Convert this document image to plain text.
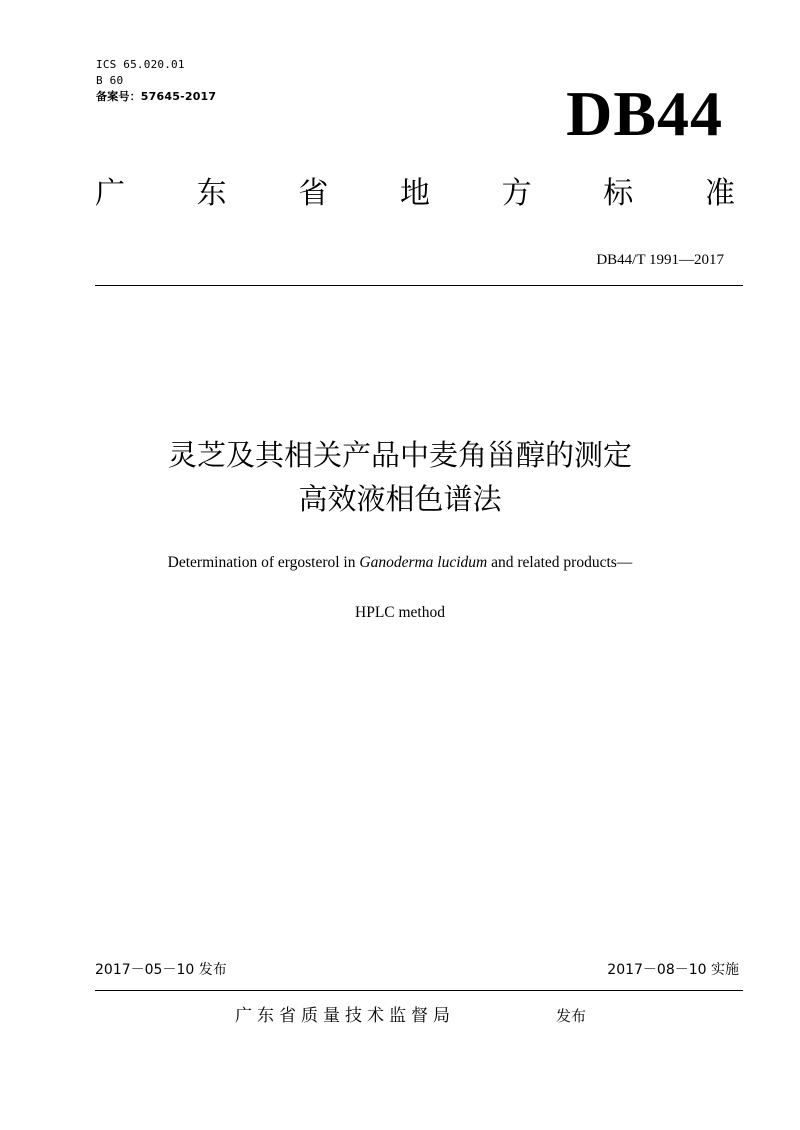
ICS 65.020.01
B 60
备案号：57645-2017	DB44
广 东 省 地 方 标 准
DB44/T 1991—2017
灵芝及其相关产品中麦角甾醇的测定
高效液相色谱法
Determination of ergosterol in Ganoderma lucidum and related products—
HPLC method
2017－05－10 发布	2017－08－10 实施
广东省质量技术监督局	发布
